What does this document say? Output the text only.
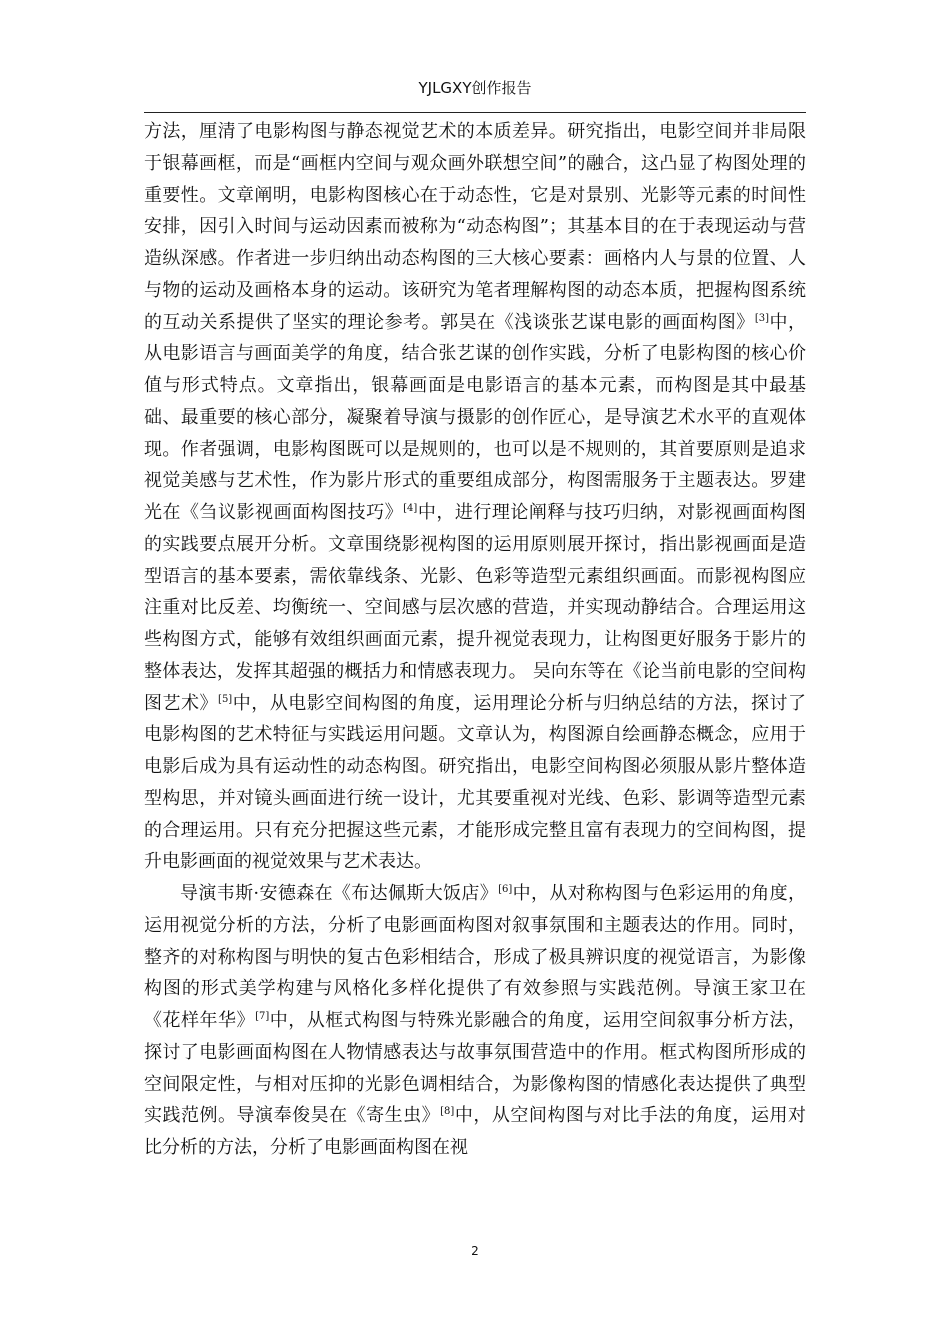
YJLGXY创作报告

方法，厘清了电影构图与静态视觉艺术的本质差异。研究指出，电影空间并非局限于银幕画框，而是“画框内空间与观众画外联想空间”的融合，这凸显了构图处理的重要性。文章阐明，电影构图核心在于动态性，它是对景别、光影等元素的时间性安排，因引入时间与运动因素而被称为“动态构图”；其基本目的在于表现运动与营造纵深感。作者进一步归纳出动态构图的三大核心要素：画格内人与景的位置、人与物的运动及画格本身的运动。该研究为笔者理解构图的动态本质，把握构图系统的互动关系提供了坚实的理论参考。郭昊在《浅谈张艺谋电影的画面构图》[3]中，从电影语言与画面美学的角度，结合张艺谋的创作实践，分析了电影构图的核心价值与形式特点。文章指出，银幕画面是电影语言的基本元素，而构图是其中最基础、最重要的核心部分，凝聚着导演与摄影的创作匠心，是导演艺术水平的直观体现。作者强调，电影构图既可以是规则的，也可以是不规则的，其首要原则是追求视觉美感与艺术性，作为影片形式的重要组成部分，构图需服务于主题表达。罗建光在《刍议影视画面构图技巧》[4]中，进行理论阐释与技巧归纳，对影视画面构图的实践要点展开分析。文章围绕影视构图的运用原则展开探讨，指出影视画面是造型语言的基本要素，需依靠线条、光影、色彩等造型元素组织画面。而影视构图应注重对比反差、均衡统一、空间感与层次感的营造，并实现动静结合。合理运用这些构图方式，能够有效组织画面元素，提升视觉表现力，让构图更好服务于影片的整体表达，发挥其超强的概括力和情感表现力。 吴向东等在《论当前电影的空间构图艺术》[5]中，从电影空间构图的角度，运用理论分析与归纳总结的方法，探讨了电影构图的艺术特征与实践运用问题。文章认为，构图源自绘画静态概念，应用于电影后成为具有运动性的动态构图。研究指出，电影空间构图必须服从影片整体造型构思，并对镜头画面进行统一设计，尤其要重视对光线、色彩、影调等造型元素的合理运用。只有充分把握这些元素，才能形成完整且富有表现力的空间构图，提升电影画面的视觉效果与艺术表达。

导演韦斯·安德森在《布达佩斯大饭店》[6]中，从对称构图与色彩运用的角度，运用视觉分析的方法，分析了电影画面构图对叙事氛围和主题表达的作用。同时，整齐的对称构图与明快的复古色彩相结合，形成了极具辨识度的视觉语言，为影像构图的形式美学构建与风格化多样化提供了有效参照与实践范例。导演王家卫在《花样年华》[7]中，从框式构图与特殊光影融合的角度，运用空间叙事分析方法，探讨了电影画面构图在人物情感表达与故事氛围营造中的作用。框式构图所形成的空间限定性，与相对压抑的光影色调相结合，为影像构图的情感化表达提供了典型实践范例。导演奉俊昊在《寄生虫》[8]中，从空间构图与对比手法的角度，运用对比分析的方法，分析了电影画面构图在视

2
